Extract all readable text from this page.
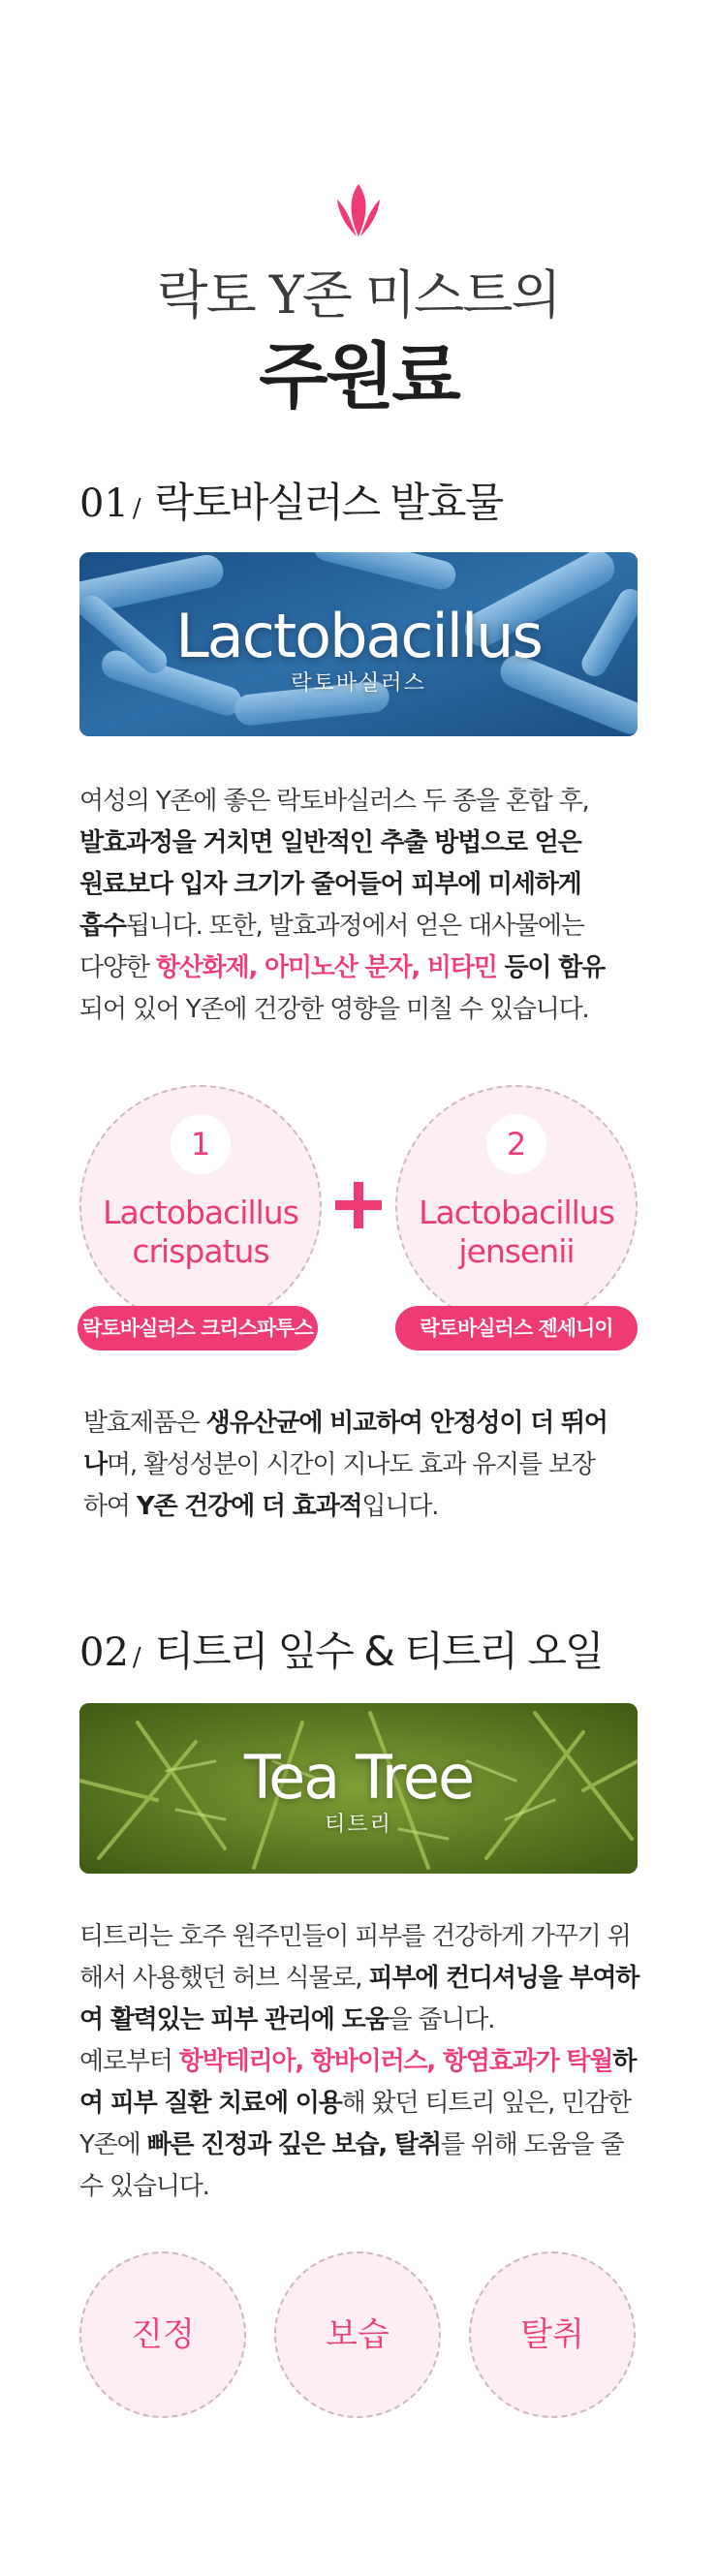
락토 Y존 미스트의
주원료
01 / 락토바실러스 발효물
Lactobacillus
락토바실러스

여성의 Y존에 좋은 락토바실러스 두 종을 혼합 후,

발효과정을 거치면 일반적인 추출 방법으로 얻은

원료보다 입자 크기가 줄어들어 피부에 미세하게

흡수됩니다. 또한, 발효과정에서 얻은 대사물에는

다양한 항산화제, 아미노산 분자, 비타민 등이 함유

되어 있어 Y존에 건강한 영향을 미칠 수 있습니다.

1
Lactobacillus
crispatus
2
Lactobacillus
jensenii
락토바실러스 크리스파투스	락토바실러스 젠세니이

발효제품은 생유산균에 비교하여 안정성이 더 뛰어

나며, 활성성분이 시간이 지나도 효과 유지를 보장

하여 Y존 건강에 더 효과적입니다.

02 / 티트리 잎수 & 티트리 오일
Tea Tree
티트리

티트리는 호주 원주민들이 피부를 건강하게 가꾸기 위

해서 사용했던 허브 식물로, 피부에 컨디셔닝을 부여하

여 활력있는 피부 관리에 도움을 줍니다.

예로부터 항박테리아, 항바이러스, 항염효과가 탁월하

여 피부 질환 치료에 이용해 왔던 티트리 잎은, 민감한

Y존에 빠른 진정과 깊은 보습, 탈취를 위해 도움을 줄

수 있습니다.

진정	보습	탈취
